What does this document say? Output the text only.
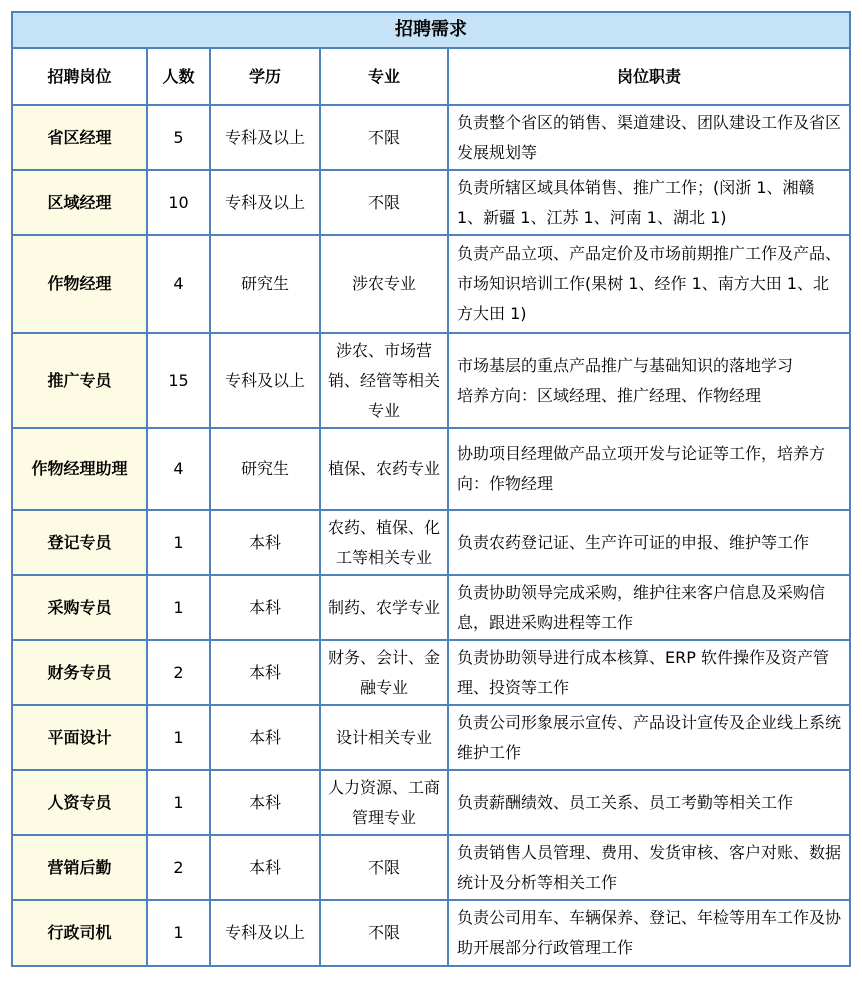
招聘需求				
招聘岗位	人数	学历	专业	岗位职责
省区经理	5	专科及以上	不限	负责整个省区的销售、渠道建设、团队建设工作及省区发展规划等

区域经理	10	专科及以上	不限	负责所辖区域具体销售、推广工作；(闵浙 1、湘赣 1、新疆 1、江苏 1、河南 1、湖北 1)

作物经理	4	研究生	涉农专业	负责产品立项、产品定价及市场前期推广工作及产品、市场知识培训工作(果树 1、经作 1、南方大田 1、北方大田 1)

推广专员	15	专科及以上	涉农、市场营销、经管等相关专业	市场基层的重点产品推广与基础知识的落地学习
培养方向：区域经理、推广经理、作物经理

作物经理助理	4	研究生	植保、农药专业	协助项目经理做产品立项开发与论证等工作，培养方向：作物经理

登记专员	1	本科	农药、植保、化工等相关专业	负责农药登记证、生产许可证的申报、维护等工作

采购专员	1	本科	制药、农学专业	负责协助领导完成采购，维护往来客户信息及采购信息，跟进采购进程等工作

财务专员	2	本科	财务、会计、金融专业	负责协助领导进行成本核算、ERP 软件操作及资产管理、投资等工作

平面设计	1	本科	设计相关专业	负责公司形象展示宣传、产品设计宣传及企业线上系统维护工作

人资专员	1	本科	人力资源、工商管理专业	负责薪酬绩效、员工关系、员工考勤等相关工作

营销后勤	2	本科	不限	负责销售人员管理、费用、发货审核、客户对账、数据统计及分析等相关工作

行政司机	1	专科及以上	不限	负责公司用车、车辆保养、登记、年检等用车工作及协助开展部分行政管理工作
